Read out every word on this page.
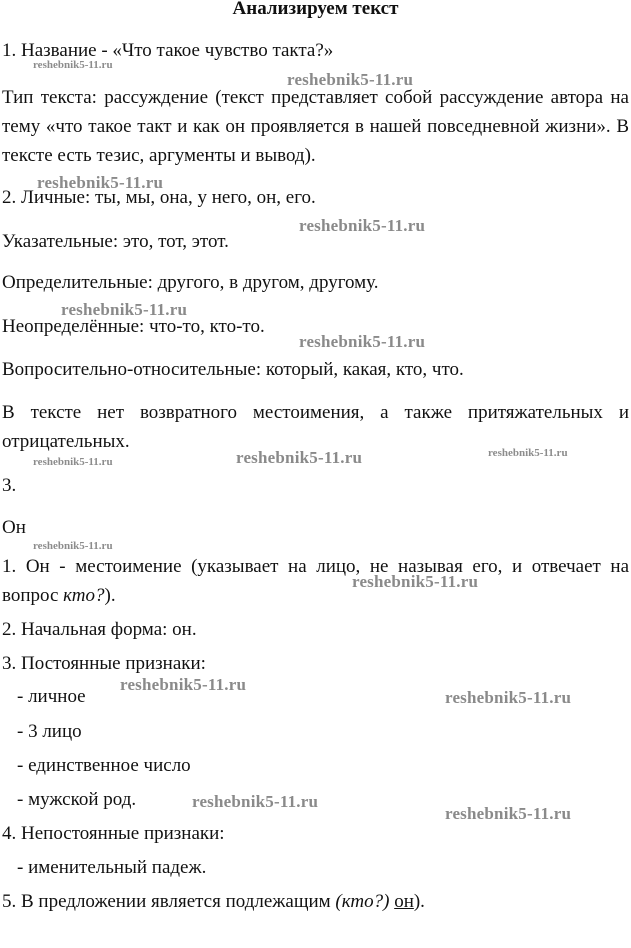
Анализируем текст
1. Название - «Что такое чувство такта?»
Тип текста: рассуждение (текст представляет собой рассуждение автора на тему «что такое такт и как он проявляется в нашей повседневной жизни». В тексте есть тезис, аргументы и вывод).
2. Личные: ты, мы, она, у него, он, его.
Указательные: это, тот, этот.
Определительные: другого, в другом, другому.
Неопределённые: что-то, кто-то.
Вопросительно-относительные: который, какая, кто, что.
В тексте нет возвратного местоимения, а также притяжательных и отрицательных.
3.
Он
1. Он - местоимение (указывает на лицо, не называя его, и отвечает на вопрос кто?).
2. Начальная форма: он.
3. Постоянные признаки:
- личное
- 3 лицо
- единственное число
- мужской род.
4. Непостоянные признаки:
- именительный падеж.
5. В предложении является подлежащим (кто?) он).
reshebnik5-11.ru
reshebnik5-11.ru
reshebnik5-11.ru
reshebnik5-11.ru
reshebnik5-11.ru
reshebnik5-11.ru
reshebnik5-11.ru	reshebnik5-11.ru	reshebnik5-11.ru
reshebnik5-11.ru
reshebnik5-11.ru
reshebnik5-11.ru
reshebnik5-11.ru
reshebnik5-11.ru
reshebnik5-11.ru
